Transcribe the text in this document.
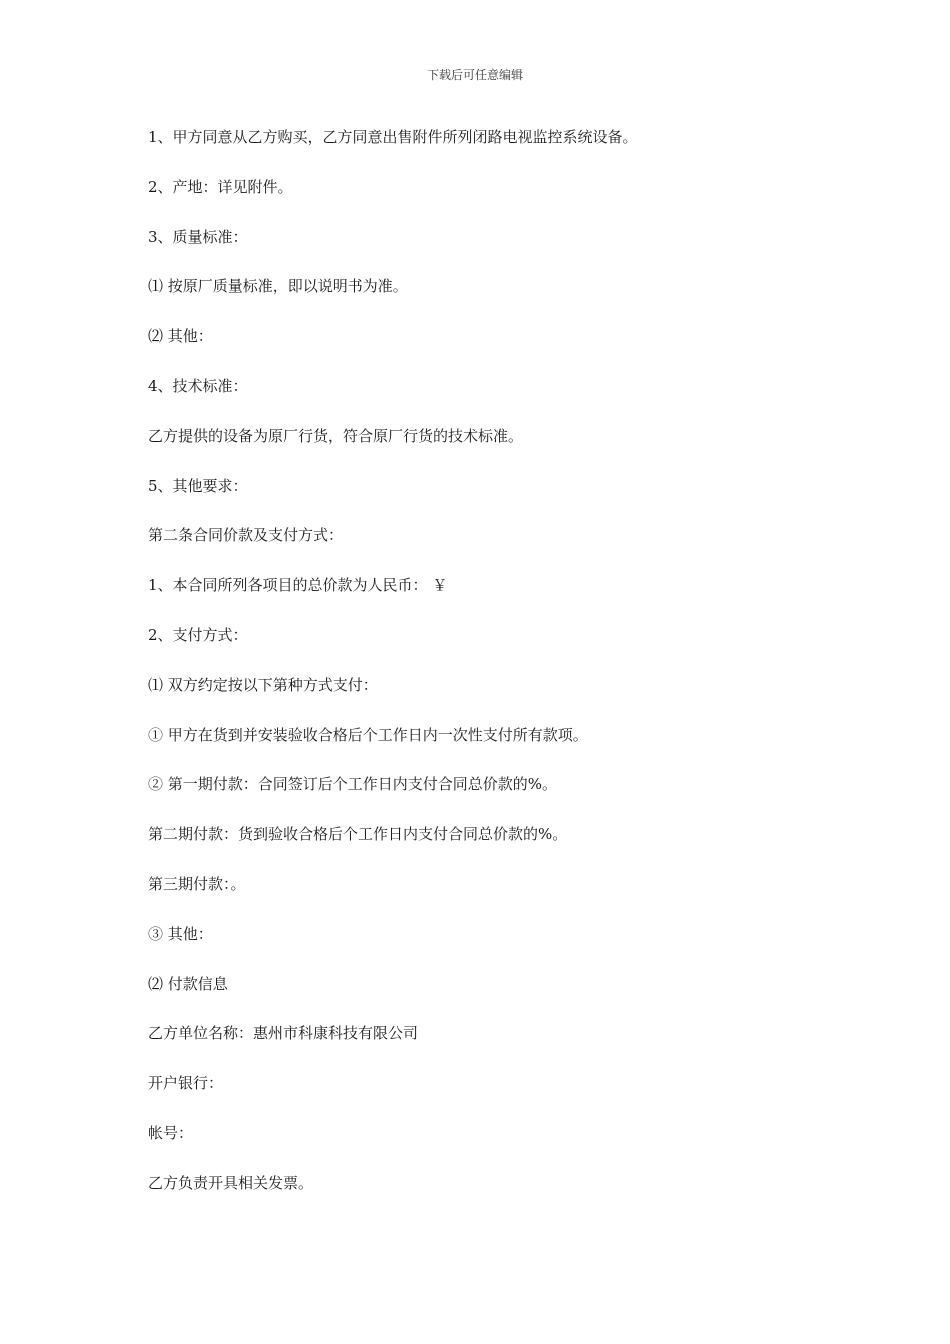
下载后可任意编辑

1、甲方同意从乙方购买，乙方同意出售附件所列闭路电视监控系统设备。

2、产地：详见附件。

3、质量标准：

⑴ 按原厂质量标准，即以说明书为准。

⑵ 其他：

4、技术标准：

乙方提供的设备为原厂行货，符合原厂行货的技术标准。

5、其他要求：

第二条合同价款及支付方式：

1、本合同所列各项目的总价款为人民币： ￥

2、支付方式：

⑴ 双方约定按以下第种方式支付：

① 甲方在货到并安装验收合格后个工作日内一次性支付所有款项。

② 第一期付款：合同签订后个工作日内支付合同总价款的%。

第二期付款：货到验收合格后个工作日内支付合同总价款的%。

第三期付款：。

③ 其他：

⑵ 付款信息

乙方单位名称：惠州市科康科技有限公司

开户银行：

帐号：

乙方负责开具相关发票。
